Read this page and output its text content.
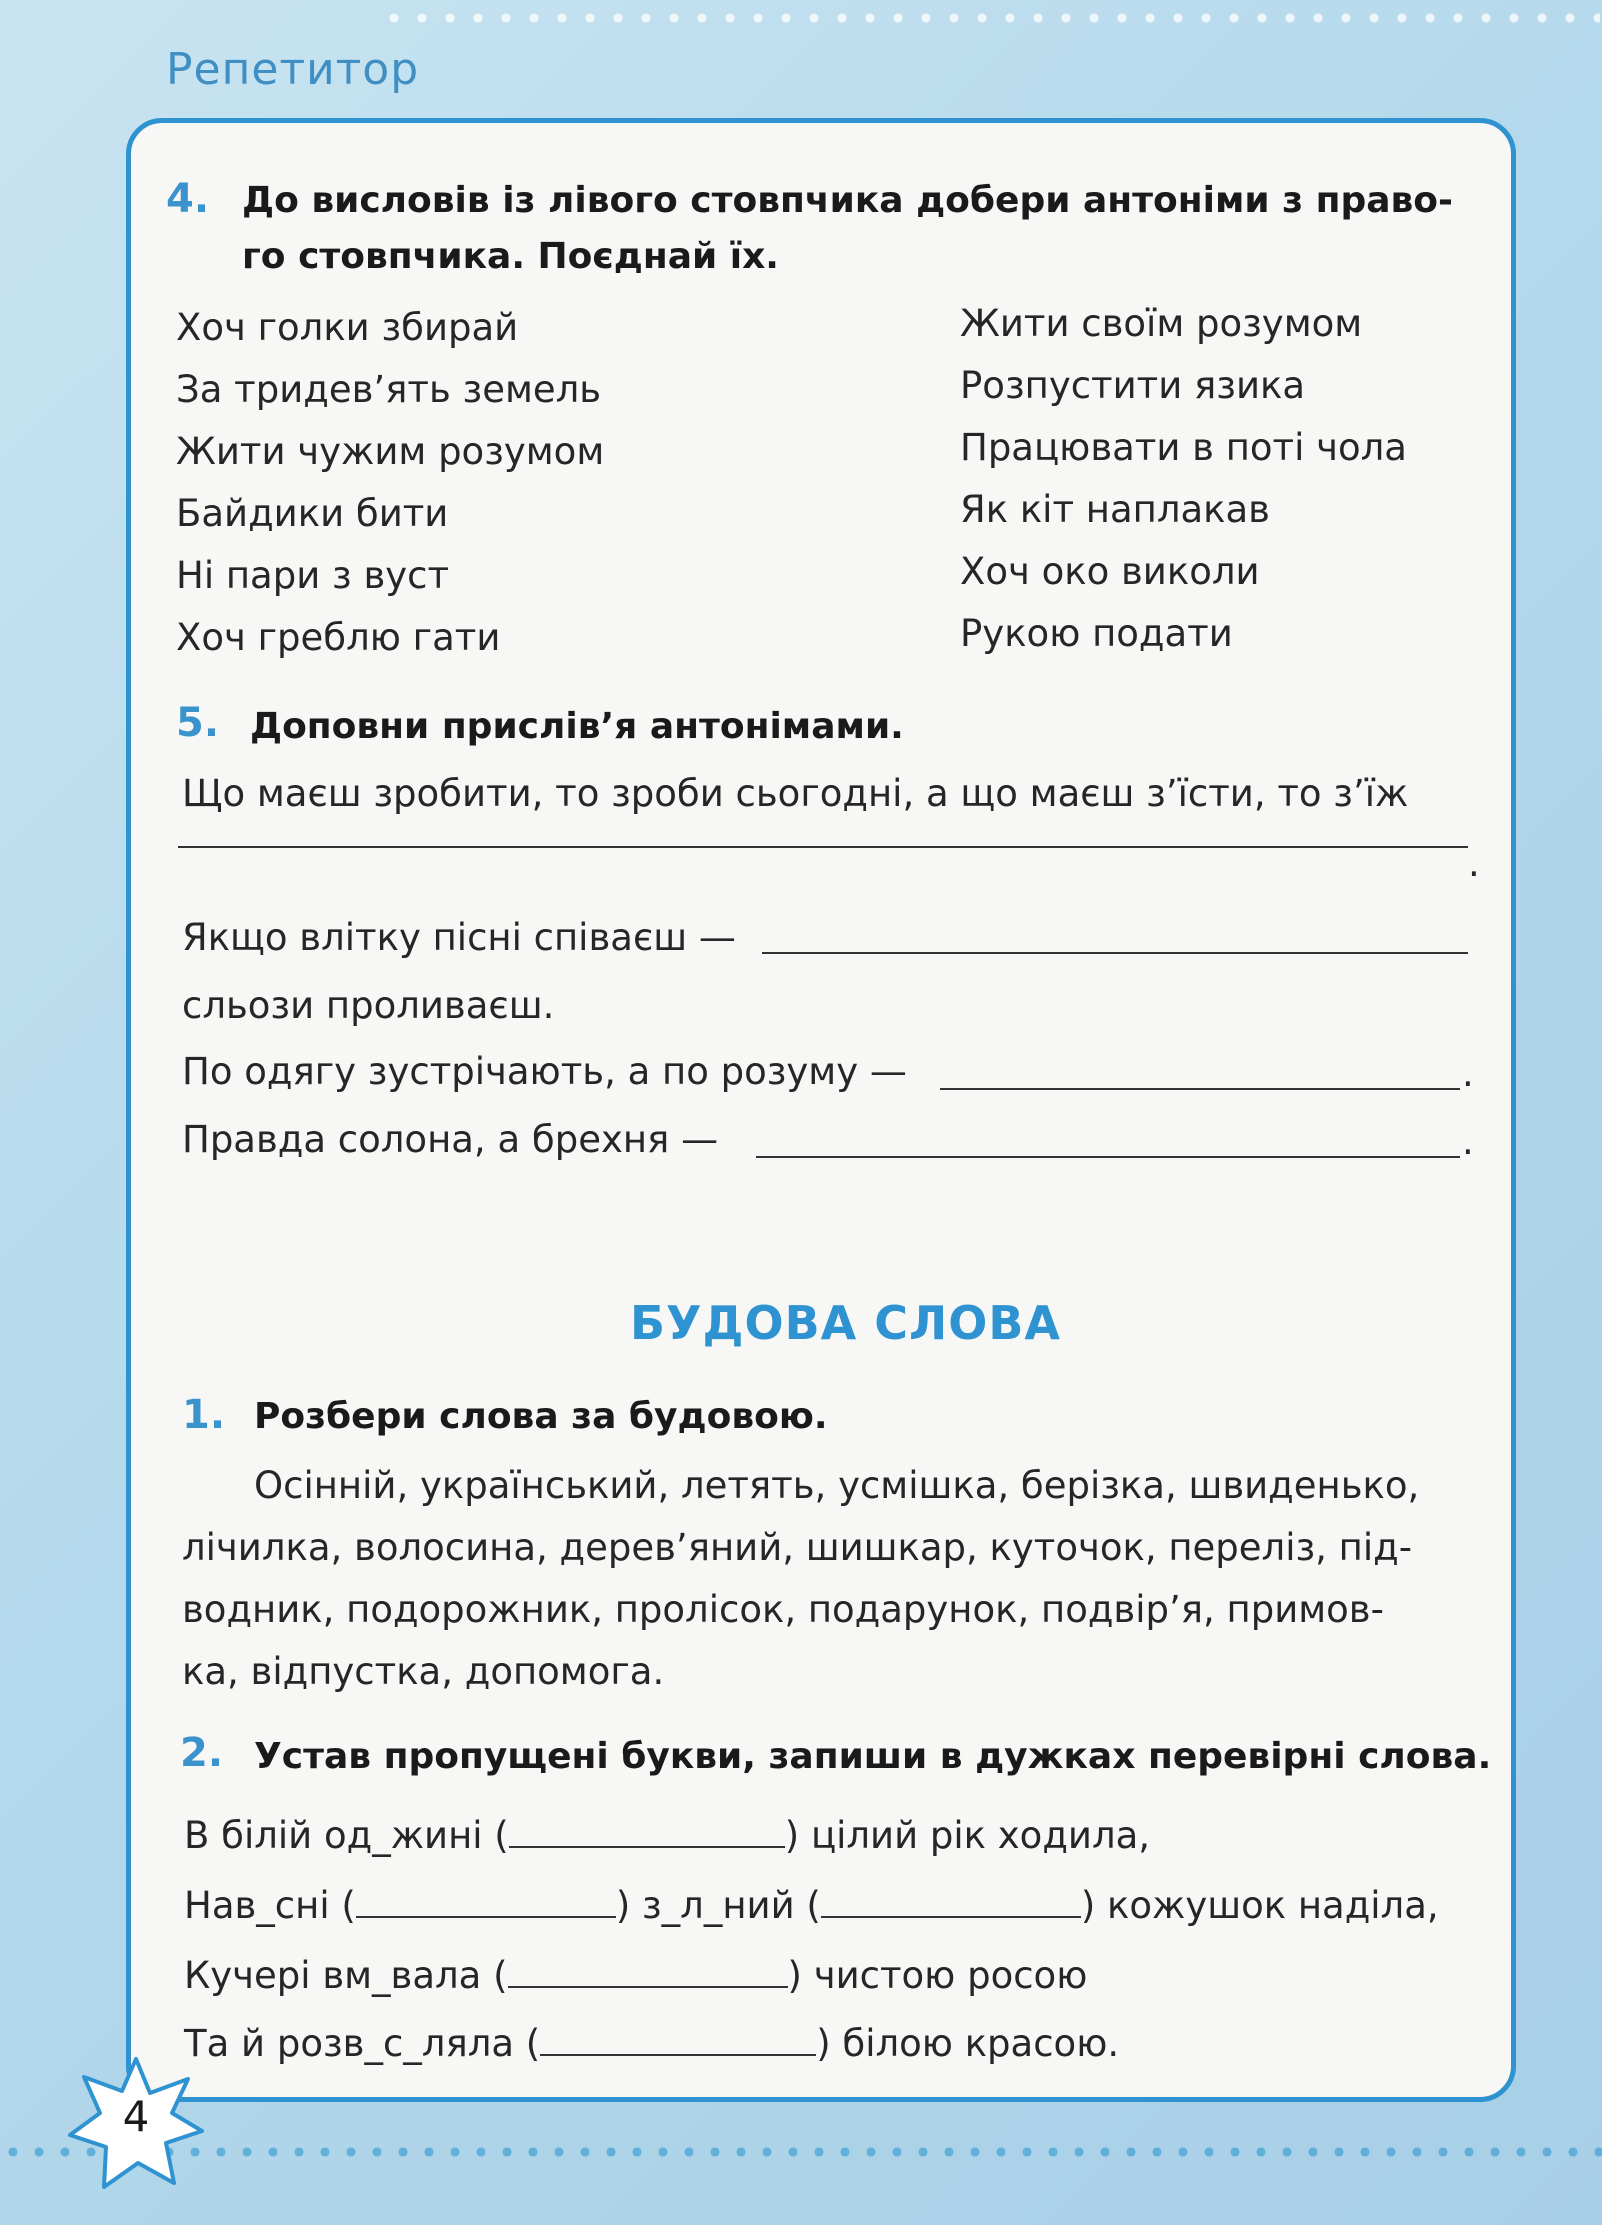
Репетитор
4. До висловів із лівого стовпчика добери антоніми з право-
го стовпчика. Поєднай їх.
Хоч голки збирай
За тридев’ять земель
Жити чужим розумом
Байдики бити
Ні пари з вуст
Хоч греблю гати
Жити своїм розумом
Розпустити язика
Працювати в поті чола
Як кіт наплакав
Хоч око виколи
Рукою подати
5. Доповни прислів’я антонімами.
Що маєш зробити, то зроби сьогодні, а що маєш з’їсти, то з’їж
.
Якщо влітку пісні співаєш —
сльози проливаєш.
По одягу зустрічають, а по розуму —	.
Правда солона, а брехня —	.
БУДОВА СЛОВА
1. Розбери слова за будовою.
Осінній, український, летять, усмішка, берізка, швиденько,
лічилка, волосина, дерев’яний, шишкар, куточок, переліз, під-
водник, подорожник, пролісок, подарунок, подвір’я, примов-
ка, відпустка, допомога.
2. Устав пропущені букви, запиши в дужках перевірні слова.
В білій од_жині (	) цілий рік ходила,
Нав_сні (	) з_л_ний (	) кожушок наділа,
Кучері вм_вала (	) чистою росою
Та й розв_с_ляла (	) білою красою.
4
